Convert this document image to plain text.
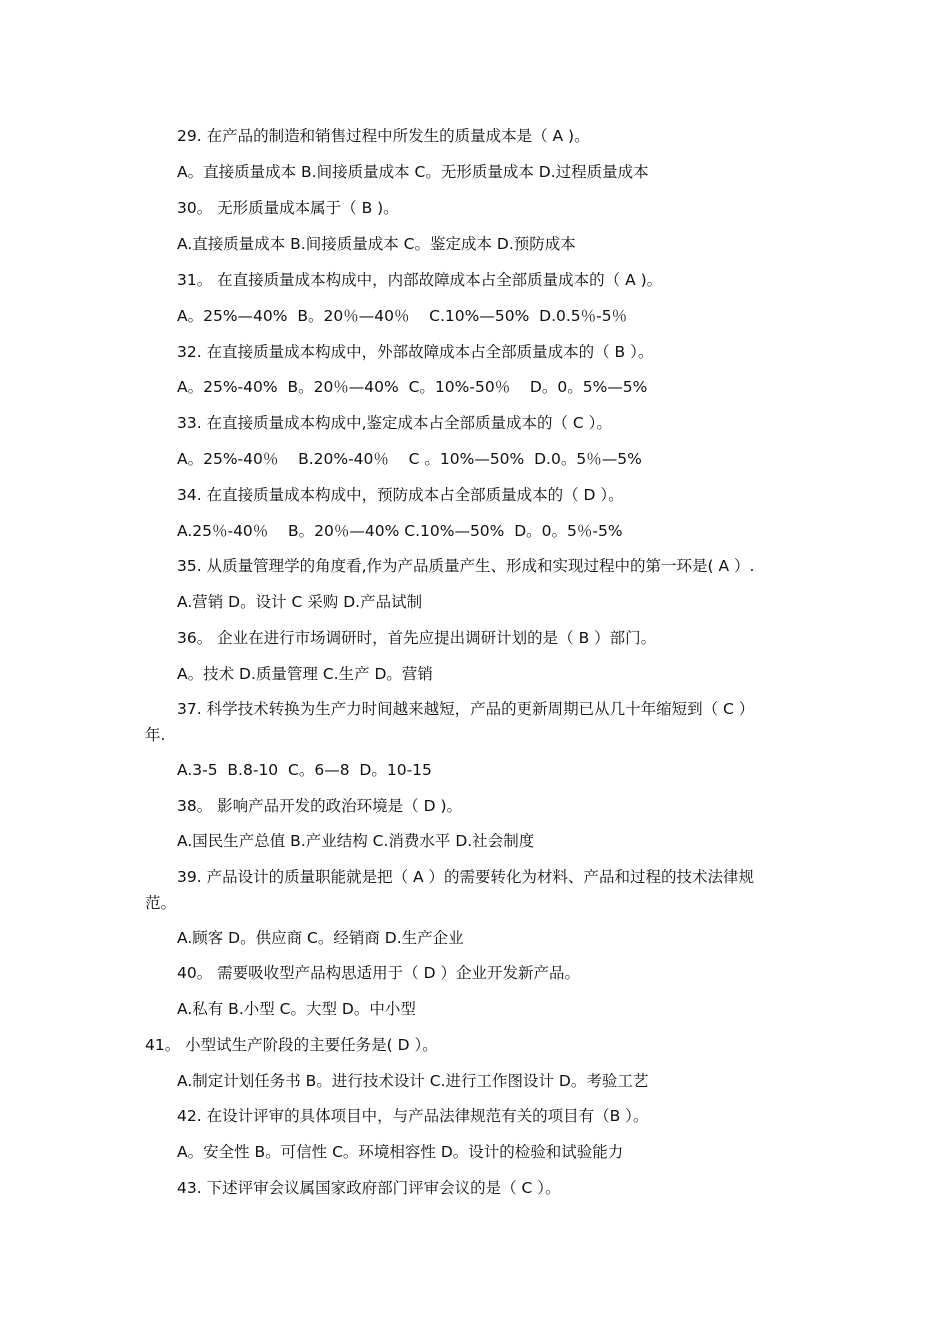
29. 在产品的制造和销售过程中所发生的质量成本是（ A )。
A。直接质量成本 B.间接质量成本 C。无形质量成本 D.过程质量成本
30。 无形质量成本属于（ B )。
A.直接质量成本 B.间接质量成本 C。鉴定成本 D.预防成本
31。 在直接质量成本构成中，内部故障成本占全部质量成本的（ A )。
A。25%—40%  B。20％—40％    C.10%—50%  D.0.5％-5％
32. 在直接质量成本构成中，外部故障成本占全部质量成本的（ B ）。
A。25%-40%  B。20％—40%  C。10%-50％    D。0。5%—5%
33. 在直接质量成本构成中,鉴定成本占全部质量成本的（ C ）。
A。25%-40％    B.20%-40％    C 。10%—50%  D.0。5％—5%
34. 在直接质量成本构成中，预防成本占全部质量成本的（ D ）。
A.25％-40％    B。20％—40% C.10%—50%  D。0。5％-5%
35. 从质量管理学的角度看,作为产品质量产生、形成和实现过程中的第一环是( A ）.
A.营销 D。设计 C 采购 D.产品试制
36。 企业在进行市场调研时，首先应提出调研计划的是（ B ）部门。
A。技术 D.质量管理 C.生产 D。营销
37. 科学技术转换为生产力时间越来越短，产品的更新周期已从几十年缩短到（ C ）
年.
A.3-5  B.8-10  C。6—8  D。10-15
38。 影响产品开发的政治环境是（ D )。
A.国民生产总值 B.产业结构 C.消费水平 D.社会制度
39. 产品设计的质量职能就是把（ A ）的需要转化为材料、产品和过程的技术法律规
范。
A.顾客 D。供应商 C。经销商 D.生产企业
40。 需要吸收型产品构思适用于（ D ）企业开发新产品。
A.私有 B.小型 C。大型 D。中小型
41。 小型试生产阶段的主要任务是( D ）。
A.制定计划任务书 B。进行技术设计 C.进行工作图设计 D。考验工艺
42. 在设计评审的具体项目中，与产品法律规范有关的项目有（B ）。
A。安全性 B。可信性 C。环境相容性 D。设计的检验和试验能力
43. 下述评审会议属国家政府部门评审会议的是（ C ）。
